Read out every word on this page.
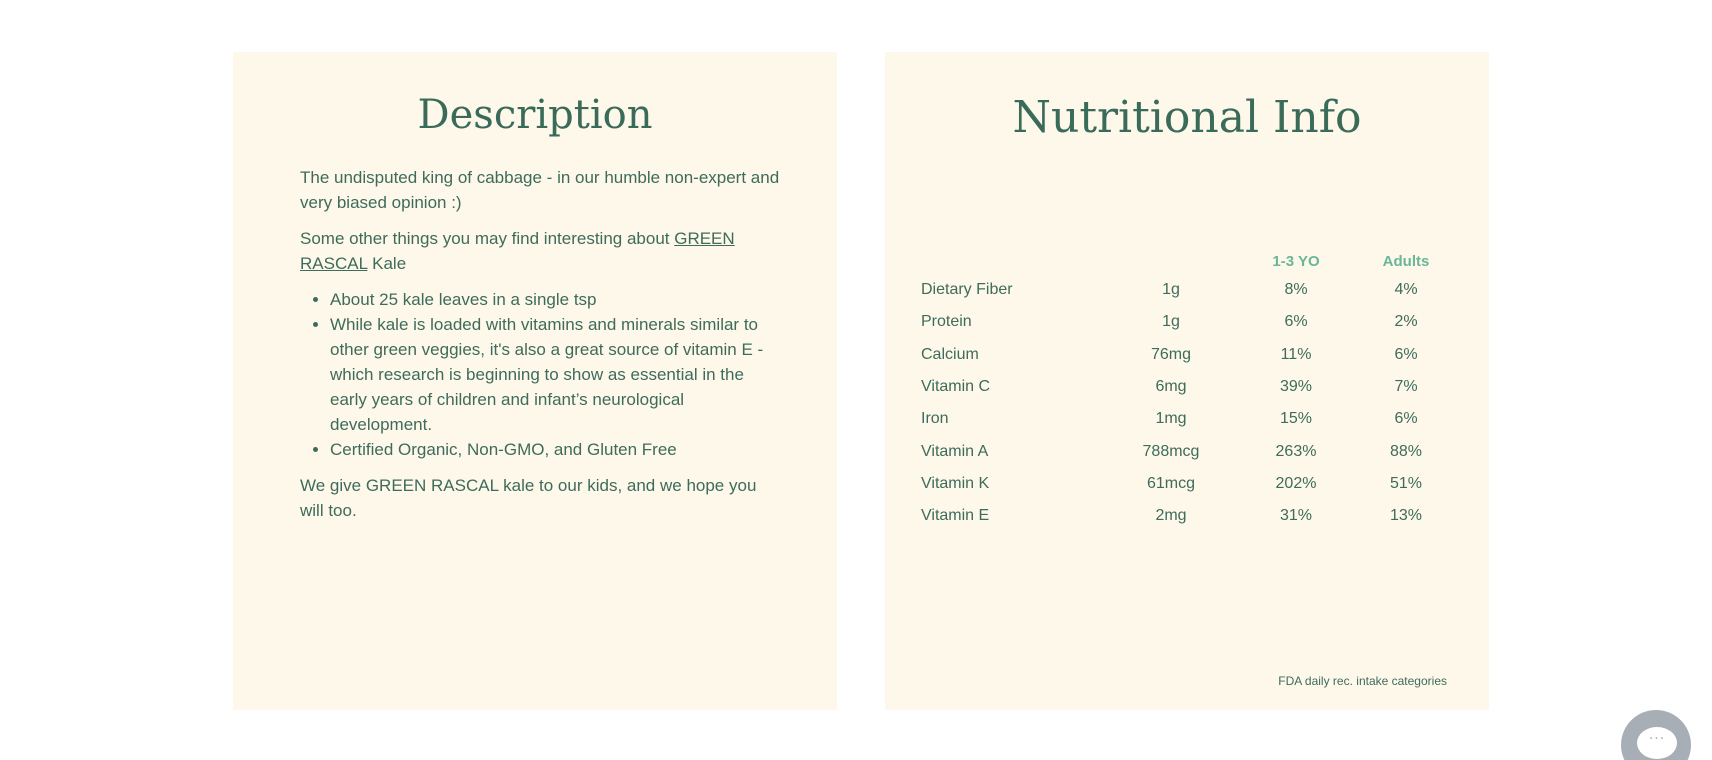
Description

The undisputed king of cabbage - in our humble non-expert and very biased opinion :)

Some other things you may find interesting about GREEN RASCAL Kale

• About 25 kale leaves in a single tsp
• While kale is loaded with vitamins and minerals similar to other green veggies, it's also a great source of vitamin E - which research is beginning to show as essential in the early years of children and infant’s neurological development.
• Certified Organic, Non-GMO, and Gluten Free

We give GREEN RASCAL kale to our kids, and we hope you will too.

Nutritional Info
		1-3 YO	Adults
Dietary Fiber	1g	8%	4%
Protein	1g	6%	2%
Calcium	76mg	11%	6%
Vitamin C	6mg	39%	7%
Iron	1mg	15%	6%
Vitamin A	788mcg	263%	88%
Vitamin K	61mcg	202%	51%
Vitamin E	2mg	31%	13%
FDA daily rec. intake categories
···
